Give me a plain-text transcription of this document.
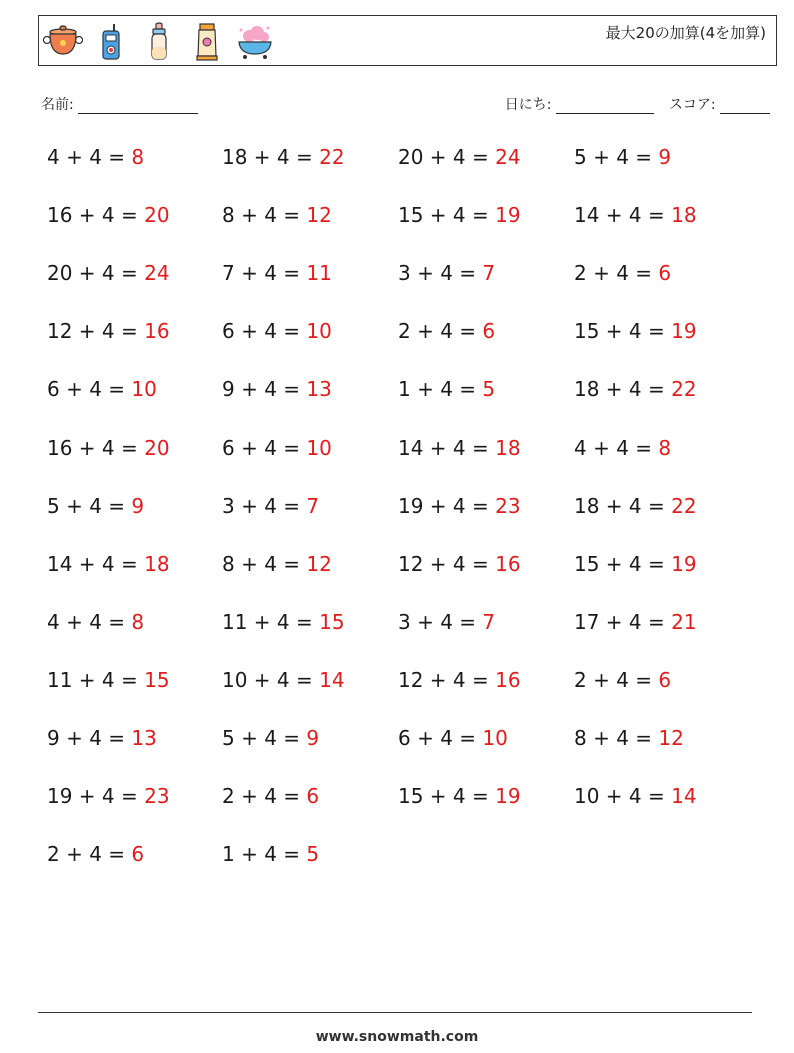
最大20の加算(4を加算)
名前:	日にち:	スコア:
4 + 4 = 8	18 + 4 = 22	20 + 4 = 24	5 + 4 = 9
16 + 4 = 20	8 + 4 = 12	15 + 4 = 19	14 + 4 = 18
20 + 4 = 24	7 + 4 = 11	3 + 4 = 7	2 + 4 = 6
12 + 4 = 16	6 + 4 = 10	2 + 4 = 6	15 + 4 = 19
6 + 4 = 10	9 + 4 = 13	1 + 4 = 5	18 + 4 = 22
16 + 4 = 20	6 + 4 = 10	14 + 4 = 18	4 + 4 = 8
5 + 4 = 9	3 + 4 = 7	19 + 4 = 23	18 + 4 = 22
14 + 4 = 18	8 + 4 = 12	12 + 4 = 16	15 + 4 = 19
4 + 4 = 8	11 + 4 = 15	3 + 4 = 7	17 + 4 = 21
11 + 4 = 15	10 + 4 = 14	12 + 4 = 16	2 + 4 = 6
9 + 4 = 13	5 + 4 = 9	6 + 4 = 10	8 + 4 = 12
19 + 4 = 23	2 + 4 = 6	15 + 4 = 19	10 + 4 = 14
2 + 4 = 6	1 + 4 = 5
www.snowmath.com
